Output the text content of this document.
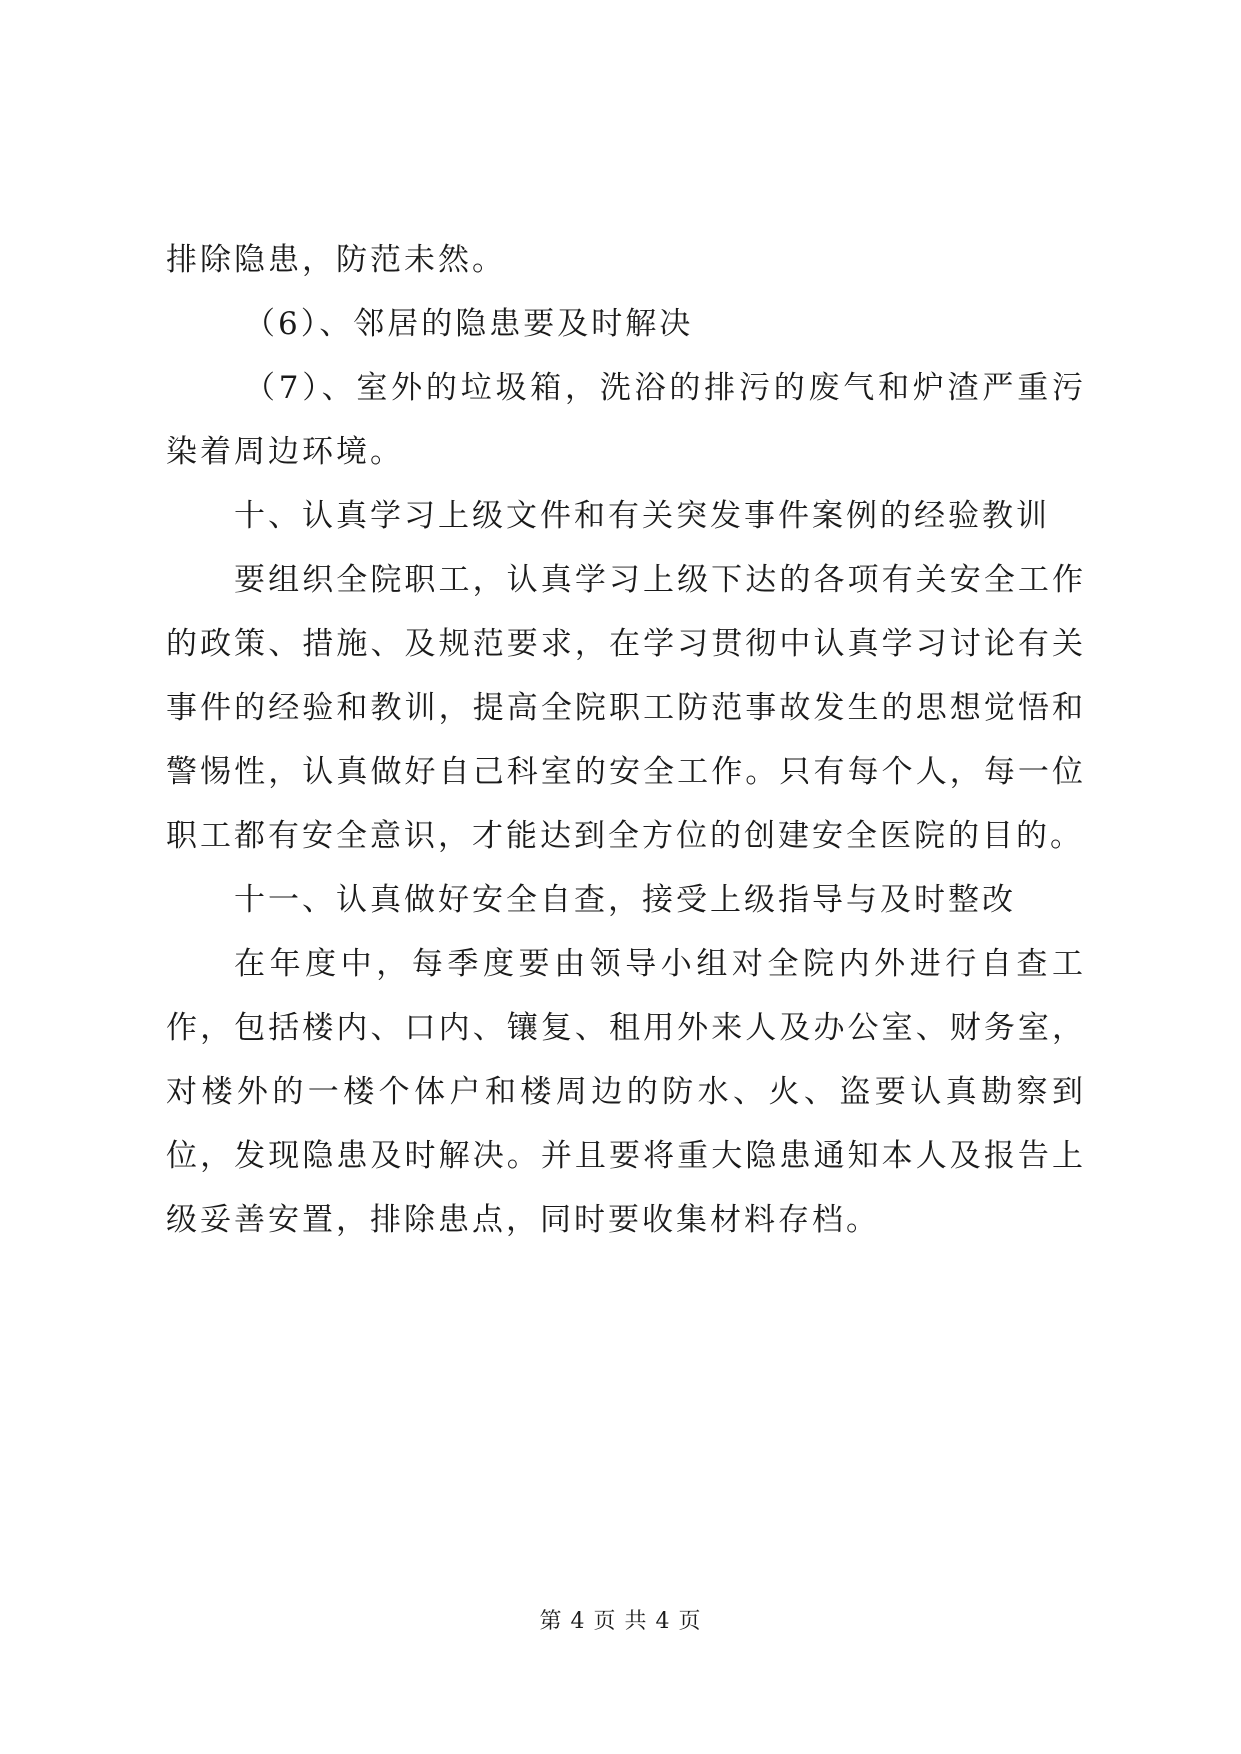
排除隐患，防范未然。

（6）、邻居的隐患要及时解决

（7）、室外的垃圾箱，洗浴的排污的废气和炉渣严重污染着周边环境。

十、认真学习上级文件和有关突发事件案例的经验教训

要组织全院职工，认真学习上级下达的各项有关安全工作的政策、措施、及规范要求，在学习贯彻中认真学习讨论有关事件的经验和教训，提高全院职工防范事故发生的思想觉悟和警惕性，认真做好自己科室的安全工作。只有每个人，每一位职工都有安全意识，才能达到全方位的创建安全医院的目的。

十一、认真做好安全自查，接受上级指导与及时整改

在年度中，每季度要由领导小组对全院内外进行自查工作，包括楼内、口内、镶复、租用外来人及办公室、财务室，对楼外的一楼个体户和楼周边的防水、火、盗要认真勘察到位，发现隐患及时解决。并且要将重大隐患通知本人及报告上级妥善安置，排除患点，同时要收集材料存档。

第 4 页 共 4 页
